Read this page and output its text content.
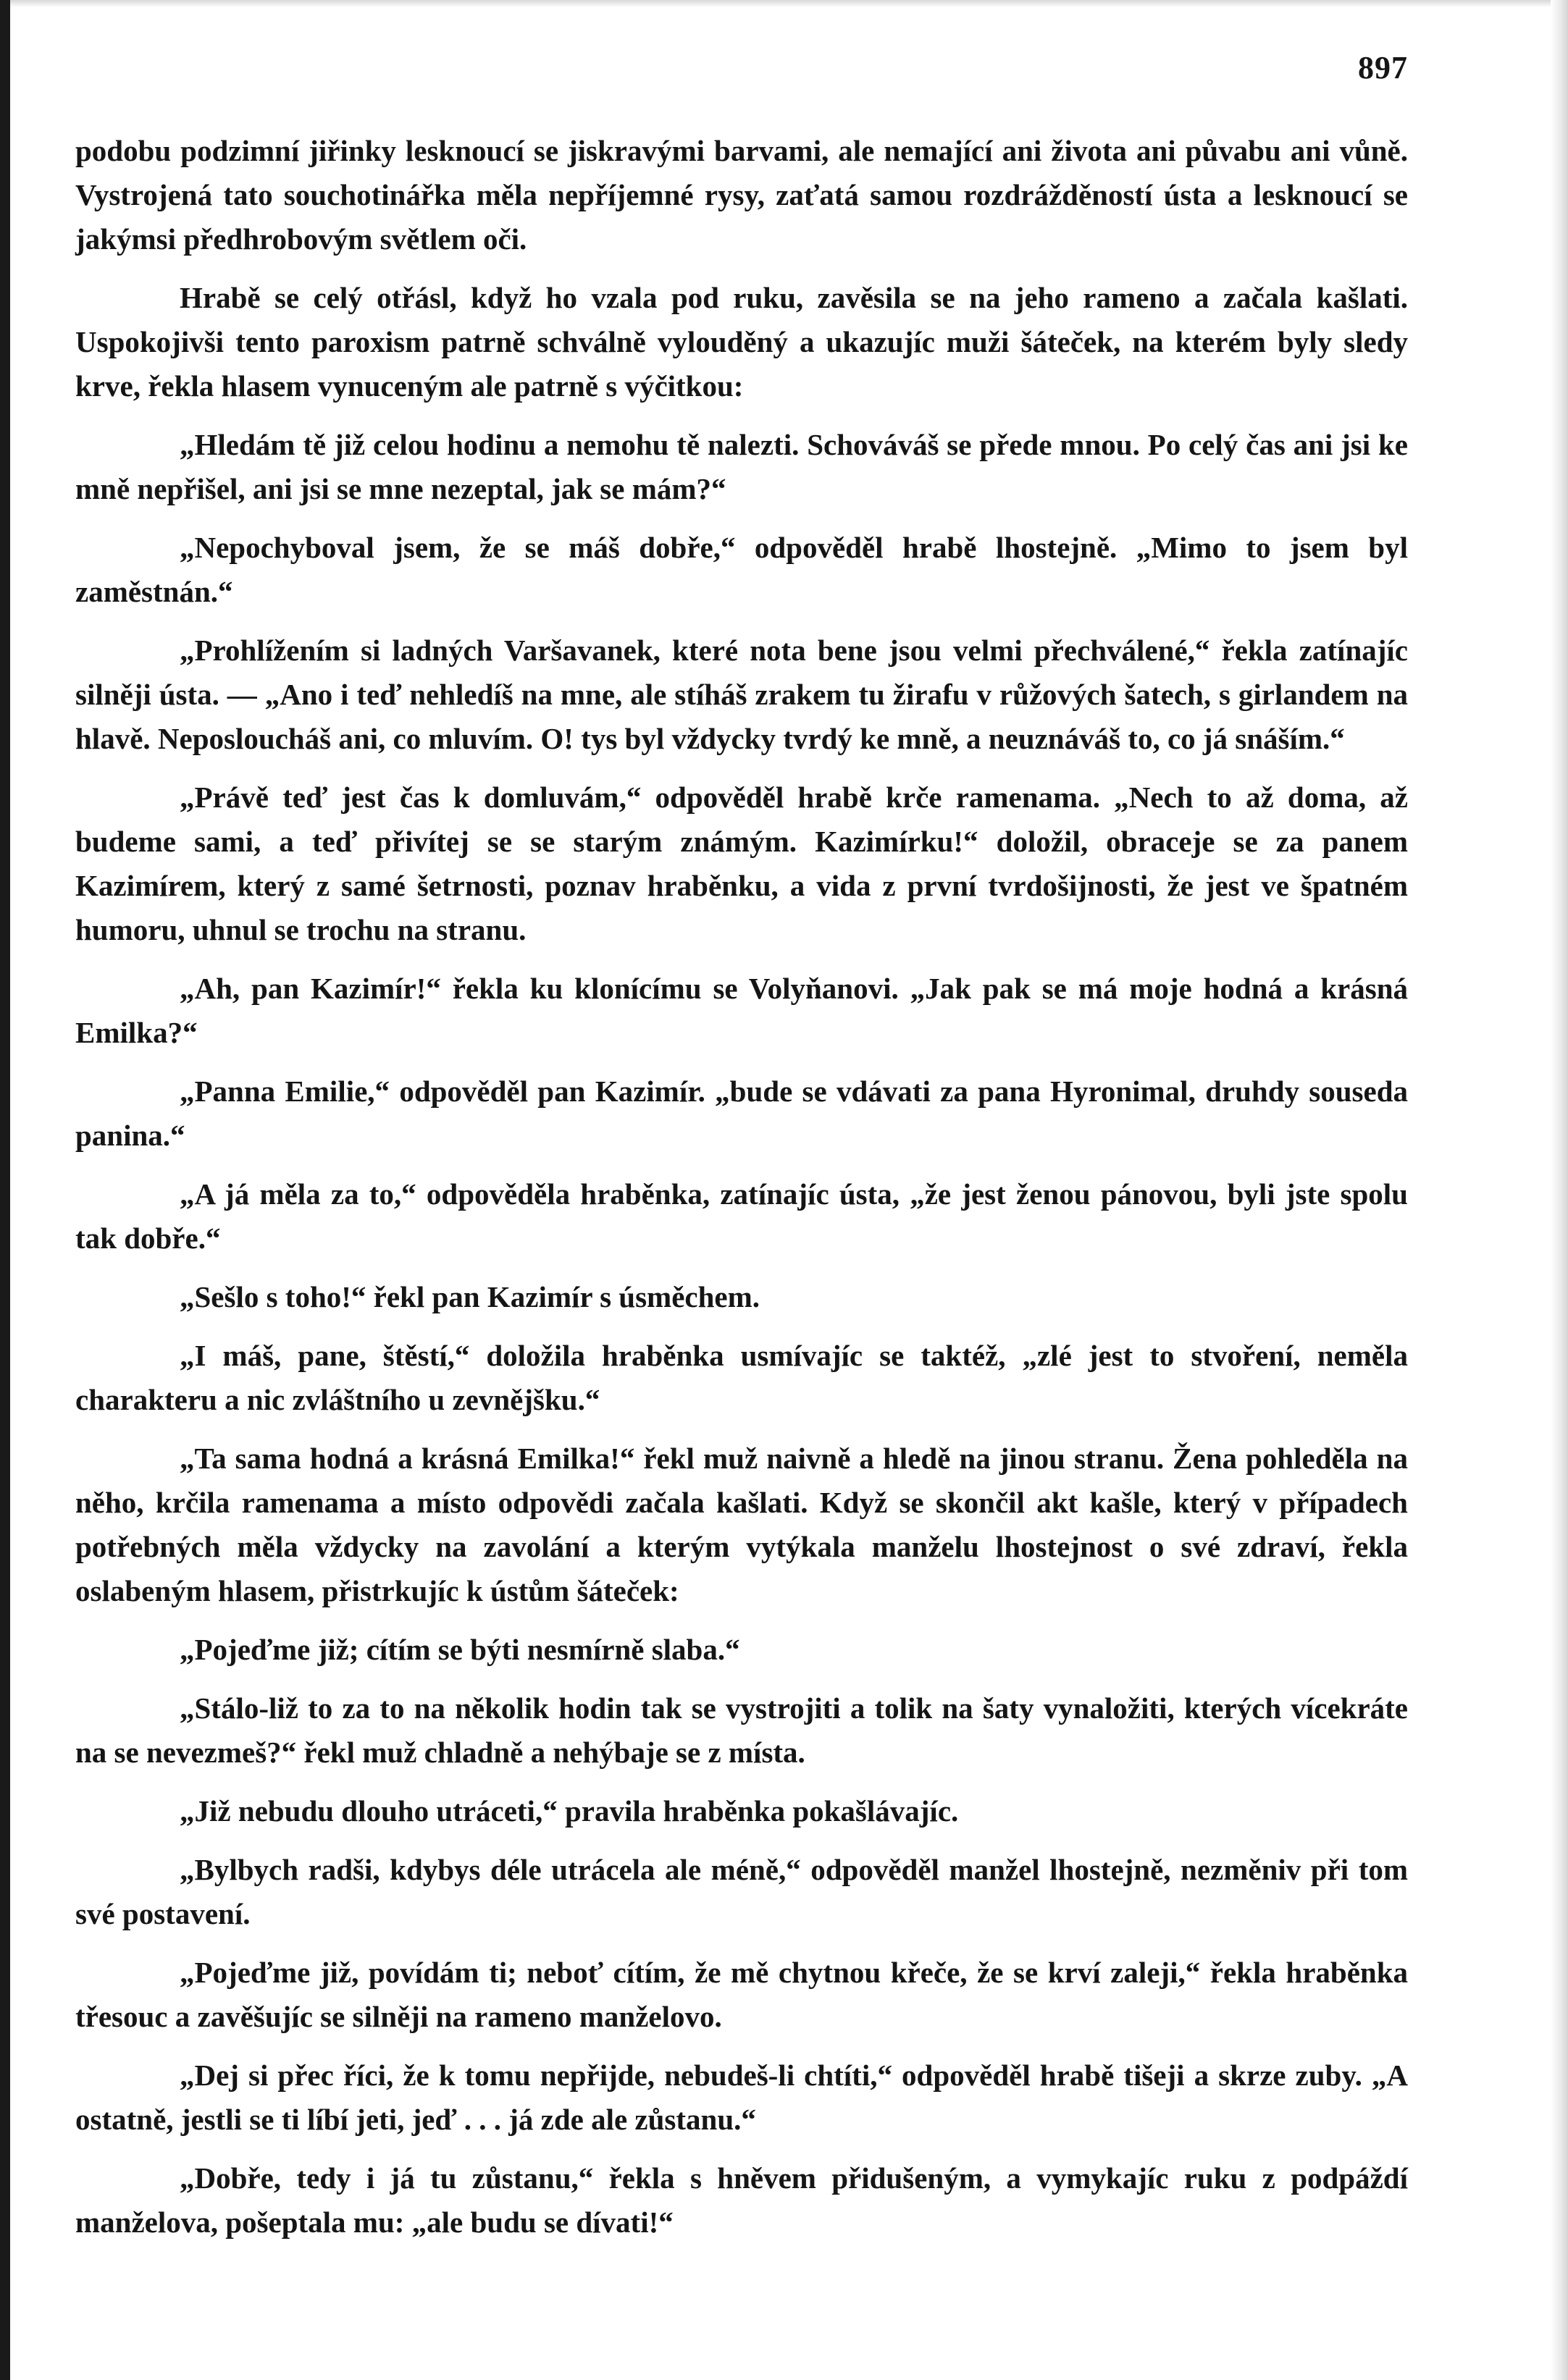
897

podobu podzimní jiřinky lesknoucí se jiskravými barvami, ale nemající ani života ani půvabu ani vůně. Vystrojená tato souchotinářka měla nepříjemné rysy, zaťatá samou rozdrážděností ústa a lesknoucí se jakýmsi předhrobovým světlem oči.

Hrabě se celý otřásl, když ho vzala pod ruku, zavěsila se na jeho rameno a začala kašlati. Uspokojivši tento paroxism patrně schválně vylouděný a ukazujíc muži šáteček, na kterém byly sledy krve, řekla hlasem vynuceným ale patrně s výčitkou:

„Hledám tě již celou hodinu a nemohu tě nalezti. Schováváš se přede mnou. Po celý čas ani jsi ke mně nepřišel, ani jsi se mne nezeptal, jak se mám?“

„Nepochyboval jsem, že se máš dobře,“ odpověděl hrabě lhostejně. „Mimo to jsem byl zaměstnán.“

„Prohlížením si ladných Varšavanek, které nota bene jsou velmi přechválené,“ řekla zatínajíc silněji ústa. — „Ano i teď nehledíš na mne, ale stíháš zrakem tu žirafu v růžových šatech, s girlandem na hlavě. Neposloucháš ani, co mluvím. O! tys byl vždycky tvrdý ke mně, a neuznáváš to, co já snáším.“

„Právě teď jest čas k domluvám,“ odpověděl hrabě krče ramenama. „Nech to až doma, až budeme sami, a teď přivítej se se starým známým. Kazimírku!“ doložil, obraceje se za panem Kazimírem, který z samé šetrnosti, poznav hraběnku, a vida z první tvrdošijnosti, že jest ve špatném humoru, uhnul se trochu na stranu.

„Ah, pan Kazimír!“ řekla ku klonícímu se Volyňanovi. „Jak pak se má moje hodná a krásná Emilka?“

„Panna Emilie,“ odpověděl pan Kazimír. „bude se vdávati za pana Hyronimal, druhdy souseda panina.“

„A já měla za to,“ odpověděla hraběnka, zatínajíc ústa, „že jest ženou pánovou, byli jste spolu tak dobře.“

„Sešlo s toho!“ řekl pan Kazimír s úsměchem.

„I máš, pane, štěstí,“ doložila hraběnka usmívajíc se taktéž, „zlé jest to stvoření, neměla charakteru a nic zvláštního u zevnějšku.“

„Ta sama hodná a krásná Emilka!“ řekl muž naivně a hledě na jinou stranu. Žena pohleděla na něho, krčila ramenama a místo odpovědi začala kašlati. Když se skončil akt kašle, který v případech potřebných měla vždycky na zavolání a kterým vytýkala manželu lhostejnost o své zdraví, řekla oslabeným hlasem, přistrkujíc k ústům šáteček:

„Pojeďme již; cítím se býti nesmírně slaba.“

„Stálo-liž to za to na několik hodin tak se vystrojiti a tolik na šaty vynaložiti, kterých vícekráte na se nevezmeš?“ řekl muž chladně a nehýbaje se z místa.

„Již nebudu dlouho utráceti,“ pravila hraběnka pokašlávajíc.

„Bylbych radši, kdybys déle utrácela ale méně,“ odpověděl manžel lhostejně, nezměniv při tom své postavení.

„Pojeďme již, povídám ti; neboť cítím, že mě chytnou křeče, že se krví zaleji,“ řekla hraběnka třesouc a zavěšujíc se silněji na rameno manželovo.

„Dej si přec říci, že k tomu nepřijde, nebudeš-li chtíti,“ odpověděl hrabě tišeji a skrze zuby. „A ostatně, jestli se ti líbí jeti, jeď . . . já zde ale zůstanu.“

„Dobře, tedy i já tu zůstanu,“ řekla s hněvem přidušeným, a vymykajíc ruku z podpáždí manželova, pošeptala mu: „ale budu se dívati!“
